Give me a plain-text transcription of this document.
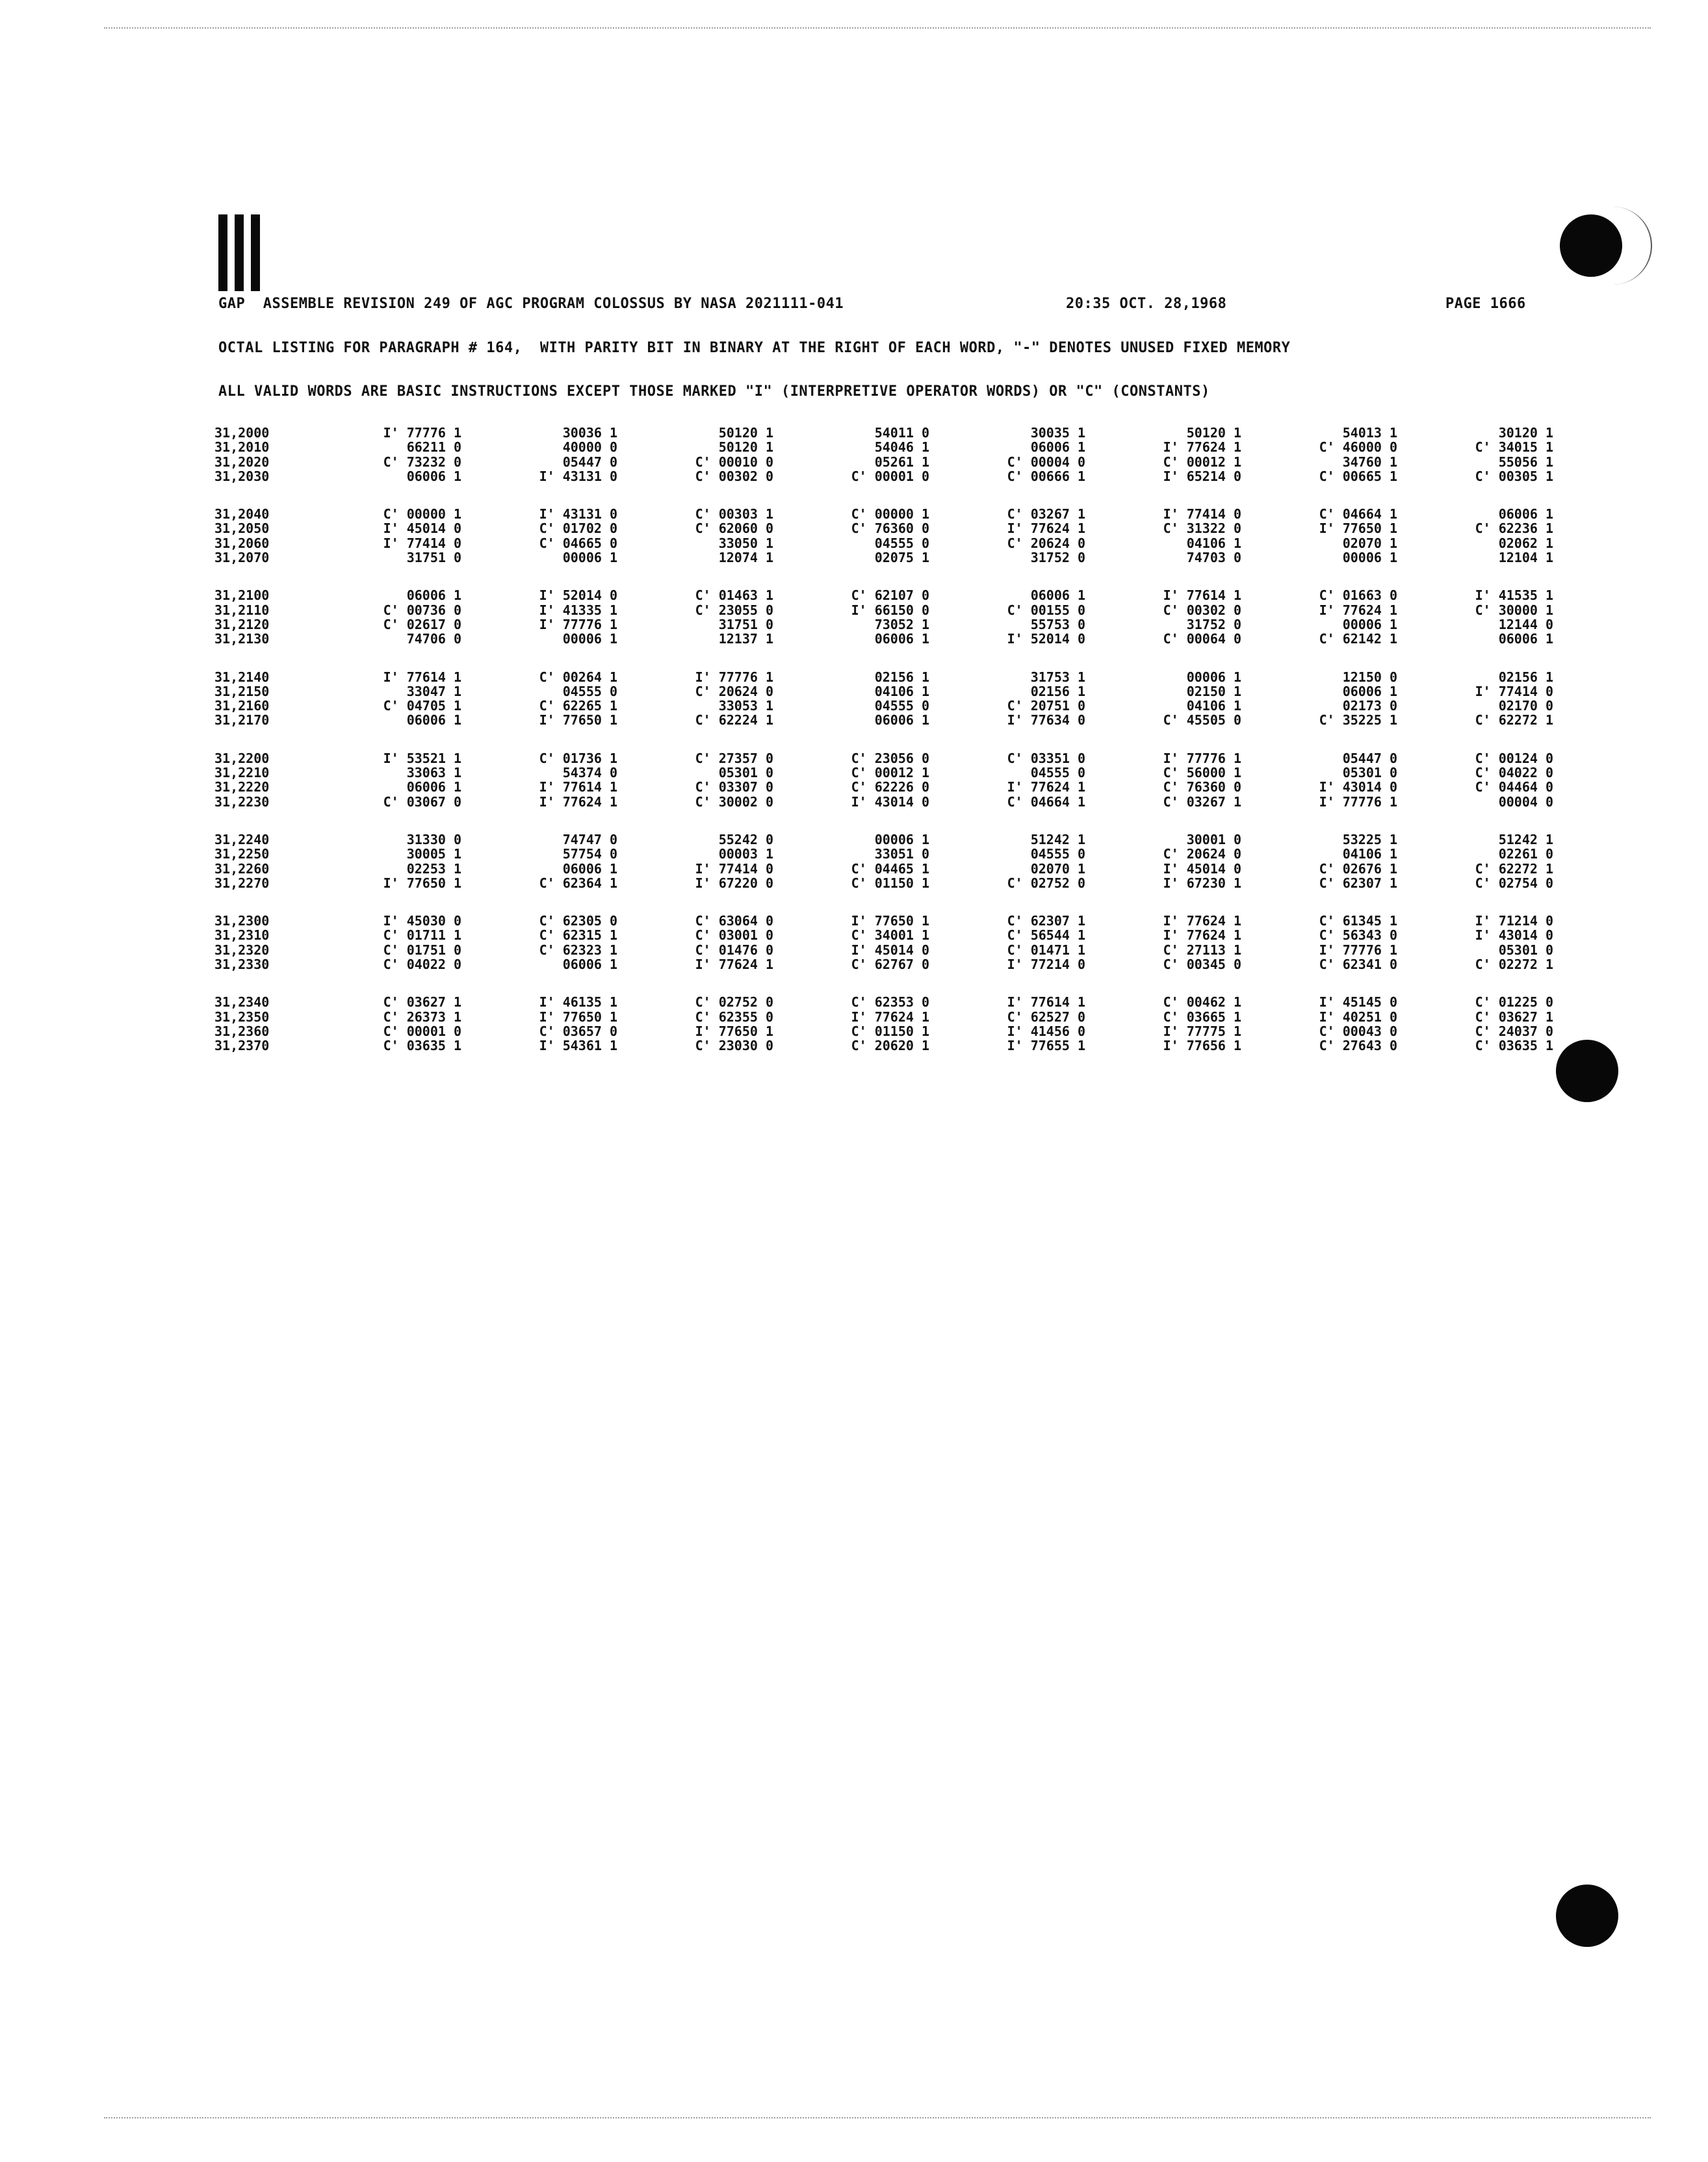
GAP  ASSEMBLE REVISION 249 OF AGC PROGRAM COLOSSUS BY NASA 2021111-041	20:35 OCT. 28,1968	PAGE 1666
OCTAL LISTING FOR PARAGRAPH # 164,  WITH PARITY BIT IN BINARY AT THE RIGHT OF EACH WORD, "-" DENOTES UNUSED FIXED MEMORY
ALL VALID WORDS ARE BASIC INSTRUCTIONS EXCEPT THOSE MARKED "I" (INTERPRETIVE OPERATOR WORDS) OR "C" (CONSTANTS)
31,2000	I' 77776 1	30036 1	50120 1	54011 0	30035 1	50120 1	54013 1	30120 1
31,2010	66211 0	40000 0	50120 1	54046 1	06006 1	I' 77624 1	C' 46000 0	C' 34015 1
31,2020	C' 73232 0	05447 0	C' 00010 0	05261 1	C' 00004 0	C' 00012 1	34760 1	55056 1
31,2030	06006 1	I' 43131 0	C' 00302 0	C' 00001 0	C' 00666 1	I' 65214 0	C' 00665 1	C' 00305 1
31,2040	C' 00000 1	I' 43131 0	C' 00303 1	C' 00000 1	C' 03267 1	I' 77414 0	C' 04664 1	06006 1
31,2050	I' 45014 0	C' 01702 0	C' 62060 0	C' 76360 0	I' 77624 1	C' 31322 0	I' 77650 1	C' 62236 1
31,2060	I' 77414 0	C' 04665 0	33050 1	04555 0	C' 20624 0	04106 1	02070 1	02062 1
31,2070	31751 0	00006 1	12074 1	02075 1	31752 0	74703 0	00006 1	12104 1
31,2100	06006 1	I' 52014 0	C' 01463 1	C' 62107 0	06006 1	I' 77614 1	C' 01663 0	I' 41535 1
31,2110	C' 00736 0	I' 41335 1	C' 23055 0	I' 66150 0	C' 00155 0	C' 00302 0	I' 77624 1	C' 30000 1
31,2120	C' 02617 0	I' 77776 1	31751 0	73052 1	55753 0	31752 0	00006 1	12144 0
31,2130	74706 0	00006 1	12137 1	06006 1	I' 52014 0	C' 00064 0	C' 62142 1	06006 1
31,2140	I' 77614 1	C' 00264 1	I' 77776 1	02156 1	31753 1	00006 1	12150 0	02156 1
31,2150	33047 1	04555 0	C' 20624 0	04106 1	02156 1	02150 1	06006 1	I' 77414 0
31,2160	C' 04705 1	C' 62265 1	33053 1	04555 0	C' 20751 0	04106 1	02173 0	02170 0
31,2170	06006 1	I' 77650 1	C' 62224 1	06006 1	I' 77634 0	C' 45505 0	C' 35225 1	C' 62272 1
31,2200	I' 53521 1	C' 01736 1	C' 27357 0	C' 23056 0	C' 03351 0	I' 77776 1	05447 0	C' 00124 0
31,2210	33063 1	54374 0	05301 0	C' 00012 1	04555 0	C' 56000 1	05301 0	C' 04022 0
31,2220	06006 1	I' 77614 1	C' 03307 0	C' 62226 0	I' 77624 1	C' 76360 0	I' 43014 0	C' 04464 0
31,2230	C' 03067 0	I' 77624 1	C' 30002 0	I' 43014 0	C' 04664 1	C' 03267 1	I' 77776 1	00004 0
31,2240	31330 0	74747 0	55242 0	00006 1	51242 1	30001 0	53225 1	51242 1
31,2250	30005 1	57754 0	00003 1	33051 0	04555 0	C' 20624 0	04106 1	02261 0
31,2260	02253 1	06006 1	I' 77414 0	C' 04465 1	02070 1	I' 45014 0	C' 02676 1	C' 62272 1
31,2270	I' 77650 1	C' 62364 1	I' 67220 0	C' 01150 1	C' 02752 0	I' 67230 1	C' 62307 1	C' 02754 0
31,2300	I' 45030 0	C' 62305 0	C' 63064 0	I' 77650 1	C' 62307 1	I' 77624 1	C' 61345 1	I' 71214 0
31,2310	C' 01711 1	C' 62315 1	C' 03001 0	C' 34001 1	C' 56544 1	I' 77624 1	C' 56343 0	I' 43014 0
31,2320	C' 01751 0	C' 62323 1	C' 01476 0	I' 45014 0	C' 01471 1	C' 27113 1	I' 77776 1	05301 0
31,2330	C' 04022 0	06006 1	I' 77624 1	C' 62767 0	I' 77214 0	C' 00345 0	C' 62341 0	C' 02272 1
31,2340	C' 03627 1	I' 46135 1	C' 02752 0	C' 62353 0	I' 77614 1	C' 00462 1	I' 45145 0	C' 01225 0
31,2350	C' 26373 1	I' 77650 1	C' 62355 0	I' 77624 1	C' 62527 0	C' 03665 1	I' 40251 0	C' 03627 1
31,2360	C' 00001 0	C' 03657 0	I' 77650 1	C' 01150 1	I' 41456 0	I' 77775 1	C' 00043 0	C' 24037 0
31,2370	C' 03635 1	I' 54361 1	C' 23030 0	C' 20620 1	I' 77655 1	I' 77656 1	C' 27643 0	C' 03635 1
